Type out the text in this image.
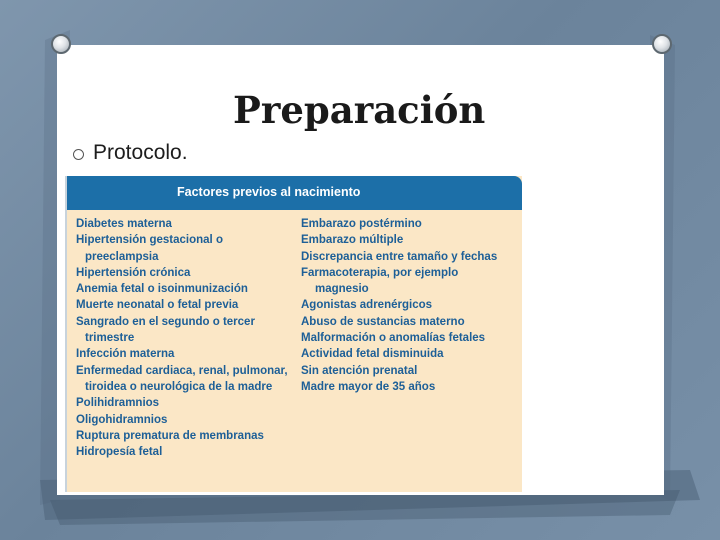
Preparación
Protocolo.
Factores previos al nacimiento
Diabetes materna
Hipertensión gestacional o
preeclampsia
Hipertensión crónica
Anemia fetal o isoinmunización
Muerte neonatal o fetal previa
Sangrado en el segundo o tercer
trimestre
Infección materna
Enfermedad cardiaca, renal, pulmonar,
tiroidea o neurológica de la madre
Polihidramnios
Oligohidramnios
Ruptura prematura de membranas
Hidropesía fetal
Embarazo postérmino
Embarazo múltiple
Discrepancia entre tamaño y fechas
Farmacoterapia, por ejemplo
magnesio
Agonistas adrenérgicos
Abuso de sustancias materno
Malformación o anomalías fetales
Actividad fetal disminuida
Sin atención prenatal
Madre mayor de 35 años
